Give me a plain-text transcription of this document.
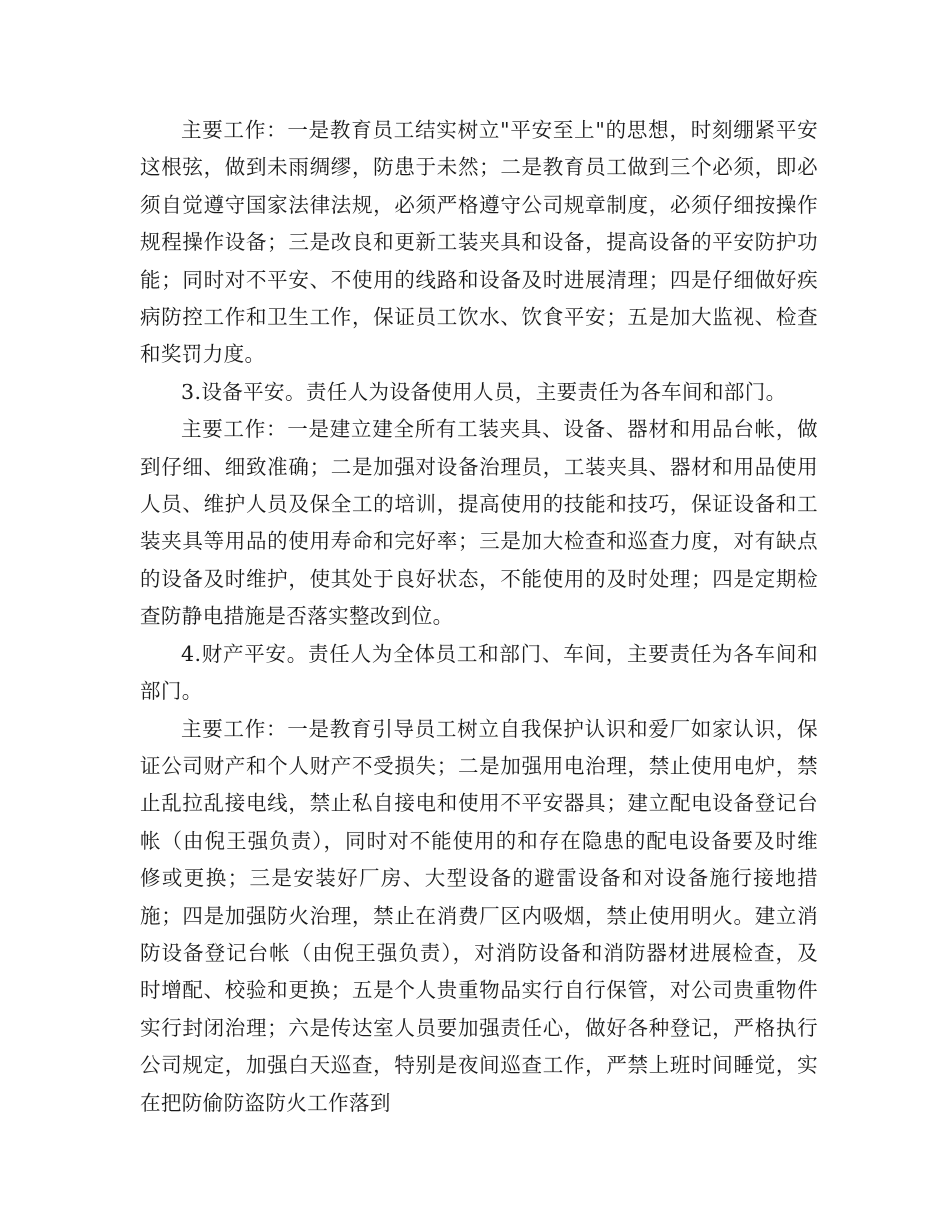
主要工作：一是教育员工结实树立"平安至上"的思想，时刻绷紧平安这根弦，做到未雨绸缪，防患于未然；二是教育员工做到三个必须，即必须自觉遵守国家法律法规，必须严格遵守公司规章制度，必须仔细按操作规程操作设备；三是改良和更新工装夹具和设备，提高设备的平安防护功能；同时对不平安、不使用的线路和设备及时进展清理；四是仔细做好疾病防控工作和卫生工作，保证员工饮水、饮食平安；五是加大监视、检查和奖罚力度。

3.设备平安。责任人为设备使用人员，主要责任为各车间和部门。

主要工作：一是建立建全所有工装夹具、设备、器材和用品台帐，做到仔细、细致准确；二是加强对设备治理员，工装夹具、器材和用品使用人员、维护人员及保全工的培训，提高使用的技能和技巧，保证设备和工装夹具等用品的使用寿命和完好率；三是加大检查和巡查力度，对有缺点的设备及时维护，使其处于良好状态，不能使用的及时处理；四是定期检查防静电措施是否落实整改到位。

4.财产平安。责任人为全体员工和部门、车间，主要责任为各车间和部门。

主要工作：一是教育引导员工树立自我保护认识和爱厂如家认识，保证公司财产和个人财产不受损失；二是加强用电治理，禁止使用电炉，禁止乱拉乱接电线，禁止私自接电和使用不平安器具；建立配电设备登记台帐（由倪王强负责），同时对不能使用的和存在隐患的配电设备要及时维修或更换；三是安装好厂房、大型设备的避雷设备和对设备施行接地措施；四是加强防火治理，禁止在消费厂区内吸烟，禁止使用明火。建立消防设备登记台帐（由倪王强负责），对消防设备和消防器材进展检查，及时增配、校验和更换；五是个人贵重物品实行自行保管，对公司贵重物件实行封闭治理；六是传达室人员要加强责任心，做好各种登记，严格执行公司规定，加强白天巡查，特别是夜间巡查工作，严禁上班时间睡觉，实在把防偷防盗防火工作落到
